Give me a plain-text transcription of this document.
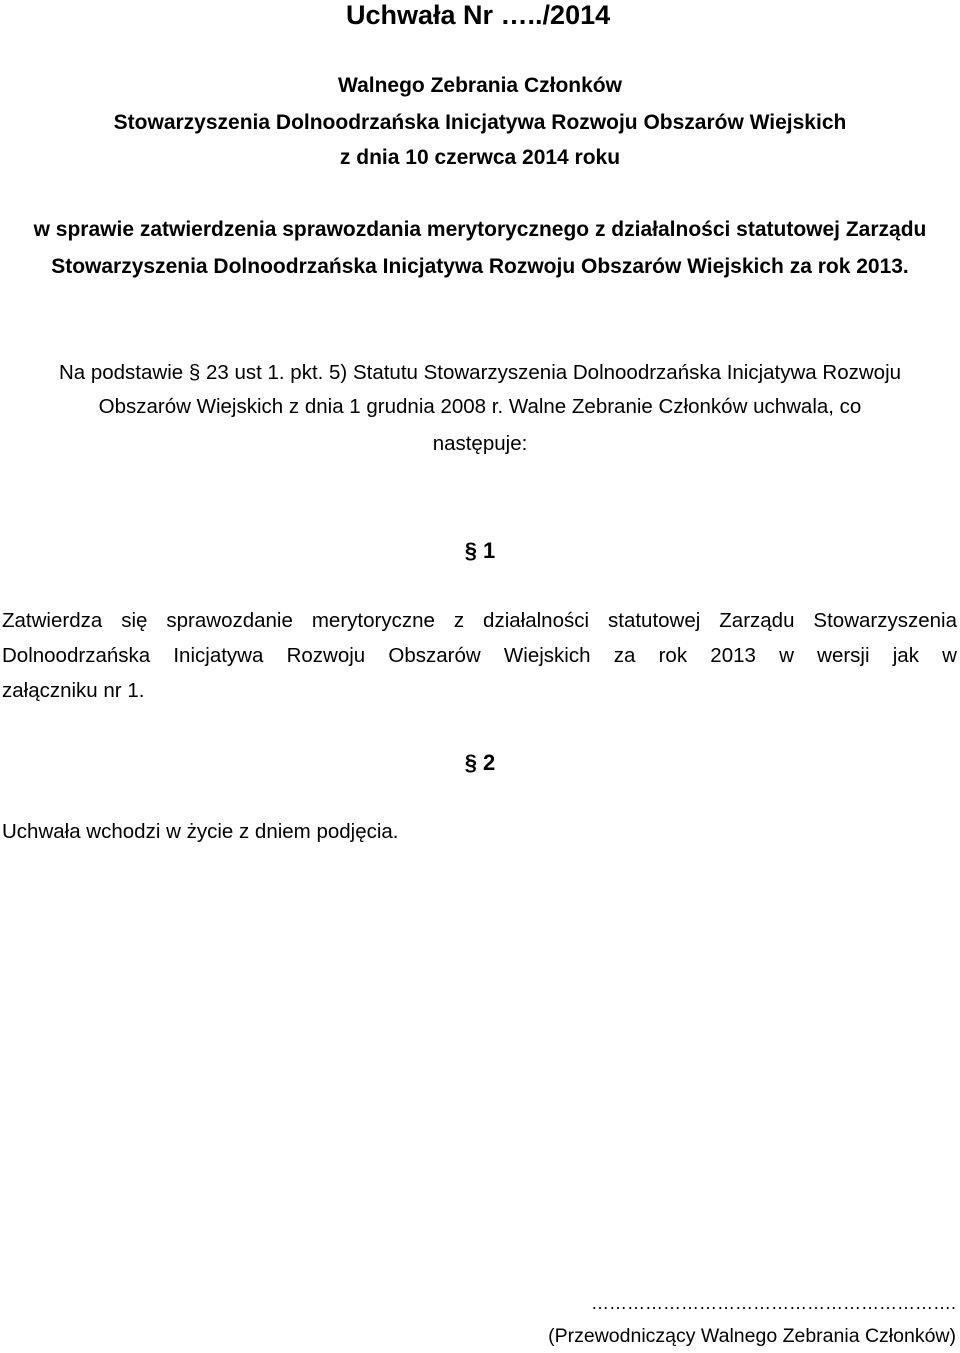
Uchwała Nr …../2014
Walnego Zebrania Członków
Stowarzyszenia Dolnoodrzańska Inicjatywa Rozwoju Obszarów Wiejskich
z dnia 10 czerwca 2014 roku
w sprawie zatwierdzenia sprawozdania merytorycznego z działalności statutowej Zarządu
Stowarzyszenia Dolnoodrzańska Inicjatywa Rozwoju Obszarów Wiejskich za rok 2013.
Na podstawie § 23 ust 1. pkt. 5) Statutu Stowarzyszenia Dolnoodrzańska Inicjatywa Rozwoju
Obszarów Wiejskich z dnia 1 grudnia 2008 r. Walne Zebranie Członków uchwala, co
następuje:
§ 1
Zatwierdza się sprawozdanie merytoryczne z działalności statutowej Zarządu Stowarzyszenia
Dolnoodrzańska Inicjatywa Rozwoju Obszarów Wiejskich za rok 2013 w wersji jak w
załączniku nr 1.
§ 2
Uchwała wchodzi w życie z dniem podjęcia.
…………………………………………………….
(Przewodniczący Walnego Zebrania Członków)
